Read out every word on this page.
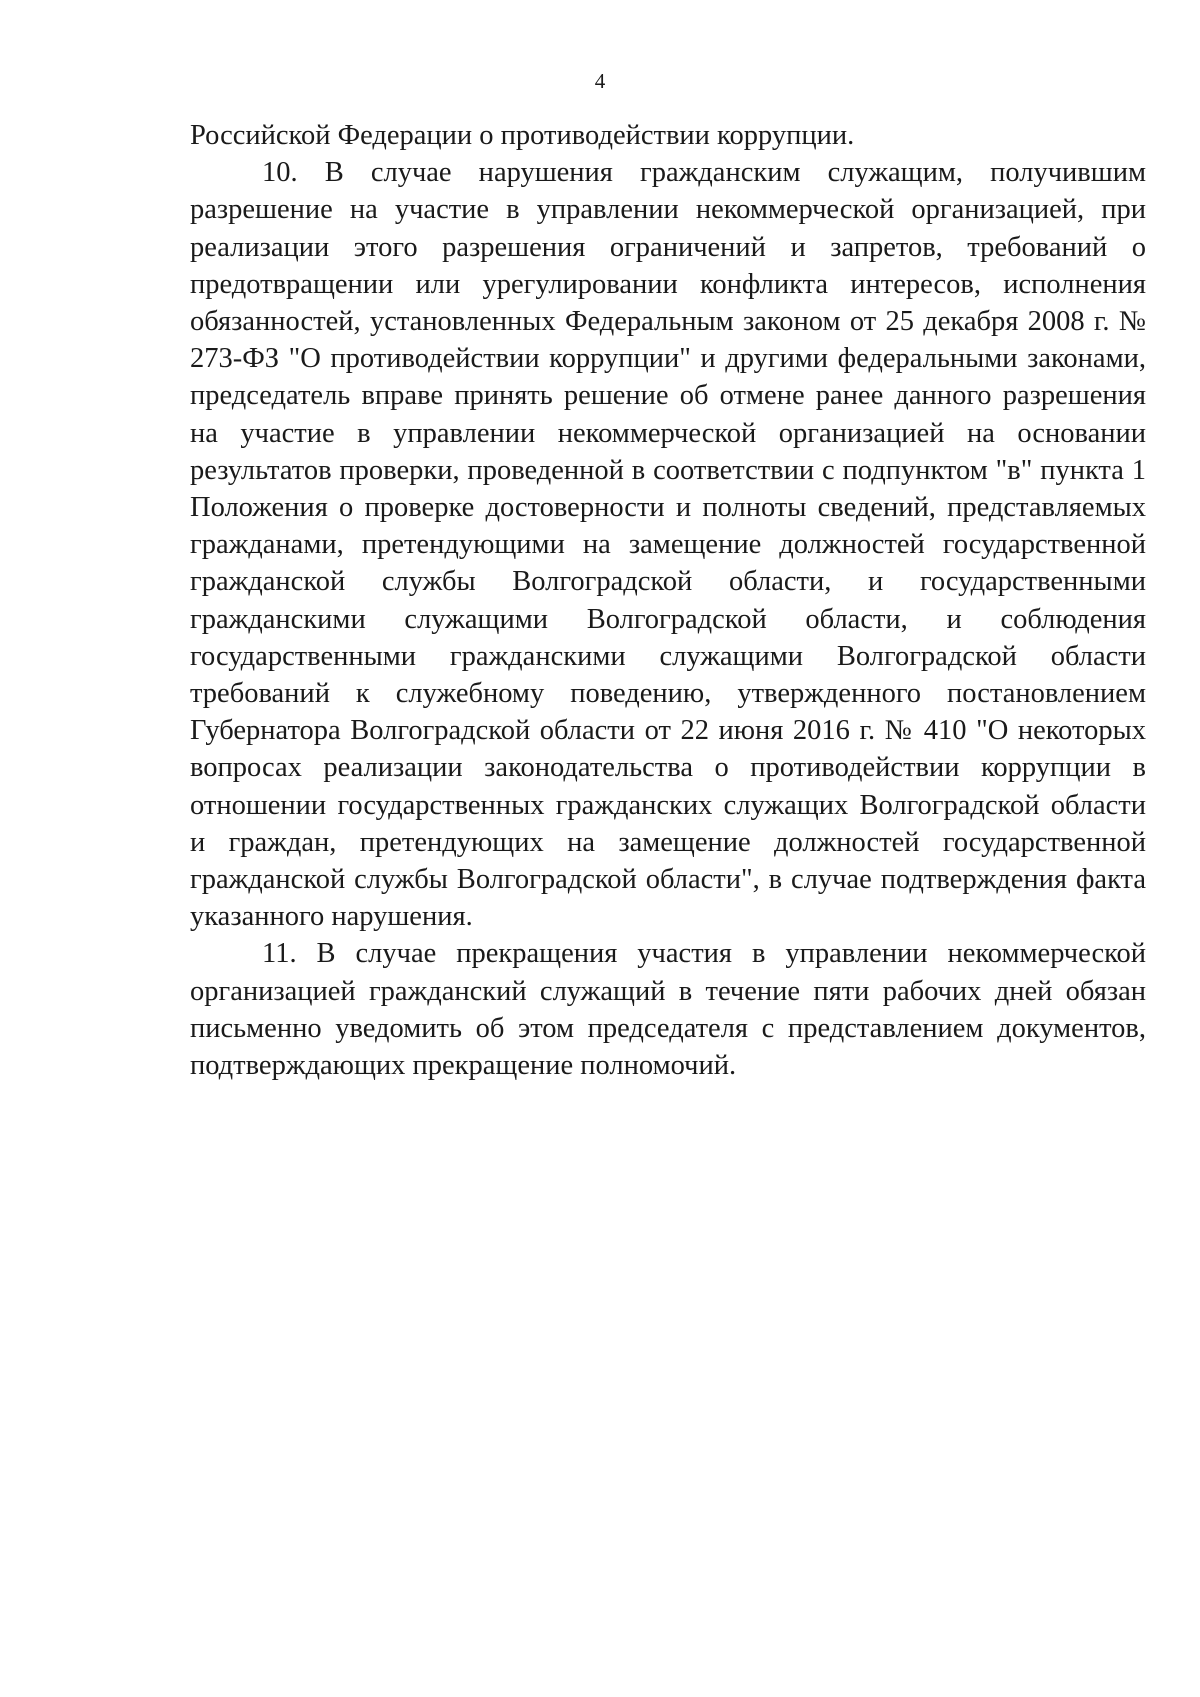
4

Российской Федерации о противодействии коррупции.

10. В случае нарушения гражданским служащим, получившим разрешение на участие в управлении некоммерческой организацией, при реализации этого разрешения ограничений и запретов, требований о предотвращении или урегулировании конфликта интересов, исполнения обязанностей, установленных Федеральным законом от 25 декабря 2008 г. № 273-ФЗ "О противодействии коррупции" и другими федеральными законами, председатель вправе принять решение об отмене ранее данного разрешения на участие в управлении некоммерческой организацией на основании результатов проверки, проведенной в соответствии с подпунктом "в" пункта 1 Положения о проверке достоверности и полноты сведений, представляемых гражданами, претендующими на замещение должностей государственной гражданской службы Волгоградской области, и государственными гражданскими служащими Волгоградской области, и соблюдения государственными гражданскими служащими Волгоградской области требований к служебному поведению, утвержденного постановлением Губернатора Волгоградской области от 22 июня 2016 г. № 410 "О некоторых вопросах реализации законодательства о противодействии коррупции в отношении государственных гражданских служащих Волгоградской области и граждан, претендующих на замещение должностей государственной гражданской службы Волгоградской области", в случае подтверждения факта указанного нарушения.

11. В случае прекращения участия в управлении некоммерческой организацией гражданский служащий в течение пяти рабочих дней обязан письменно уведомить об этом председателя с представлением документов, подтверждающих прекращение полномочий.
